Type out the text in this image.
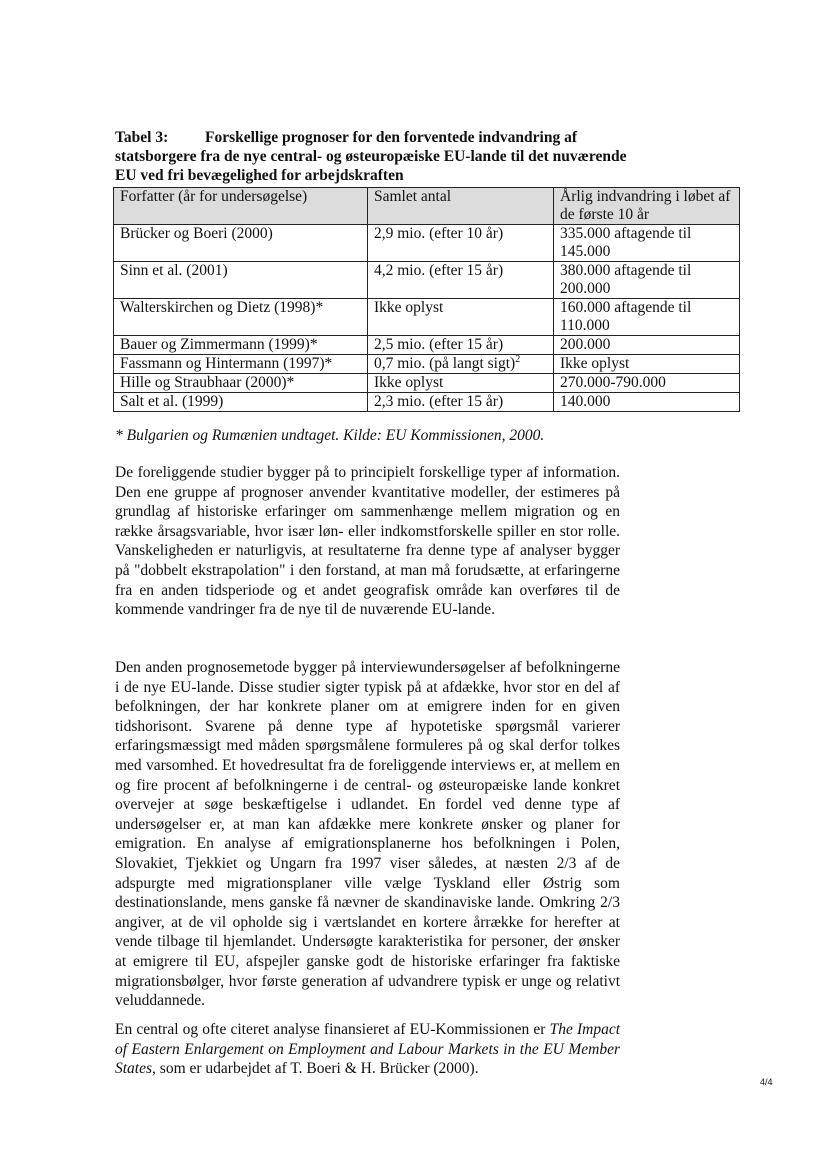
Tabel 3: Forskellige prognoser for den forventede indvandring af statsborgere fra de nye central- og østeuropæiske EU-lande til det nuværende EU ved fri bevægelighed for arbejdskraften
Forfatter (år for undersøgelse)	Samlet antal	Årlig indvandring i løbet af de første 10 år
Brücker og Boeri (2000)	2,9 mio. (efter 10 år)	335.000 aftagende til 145.000
Sinn et al. (2001)	4,2 mio. (efter 15 år)	380.000 aftagende til 200.000
Walterskirchen og Dietz (1998)*	Ikke oplyst	160.000 aftagende til 110.000
Bauer og Zimmermann (1999)*	2,5 mio. (efter 15 år)	200.000
Fassmann og Hintermann (1997)*	0,7 mio. (på langt sigt)$^2$	Ikke oplyst
Hille og Straubhaar (2000)*	Ikke oplyst	270.000-790.000
Salt et al. (1999)	2,3 mio. (efter 15 år)	140.000
* Bulgarien og Rumænien undtaget. Kilde: EU Kommissionen, 2000.

De foreliggende studier bygger på to principielt forskellige typer af information. Den ene gruppe af prognoser anvender kvantitative modeller, der estimeres på grundlag af historiske erfaringer om sammenhænge mellem migration og en række årsagsvariable, hvor især løn- eller indkomstforskelle spiller en stor rolle. Vanskeligheden er naturligvis, at resultaterne fra denne type af analyser bygger på "dobbelt ekstrapolation" i den forstand, at man må forudsætte, at erfaringerne fra en anden tidsperiode og et andet geografisk område kan overføres til de kommende vandringer fra de nye til de nuværende EU-lande.

Den anden prognosemetode bygger på interviewundersøgelser af befolkningerne i de nye EU-lande. Disse studier sigter typisk på at afdække, hvor stor en del af befolkningen, der har konkrete planer om at emigrere inden for en given tidshorisont. Svarene på denne type af hypotetiske spørgsmål varierer erfaringsmæssigt med måden spørgsmålene formuleres på og skal derfor tolkes med varsomhed. Et hovedresultat fra de foreliggende interviews er, at mellem en og fire procent af befolkningerne i de central- og østeuropæiske lande konkret overvejer at søge beskæftigelse i udlandet. En fordel ved denne type af undersøgelser er, at man kan afdække mere konkrete ønsker og planer for emigration. En analyse af emigrationsplanerne hos befolkningen i Polen, Slovakiet, Tjekkiet og Ungarn fra 1997 viser således, at næsten 2/3 af de adspurgte med migrationsplaner ville vælge Tyskland eller Østrig som destinationslande, mens ganske få nævner de skandinaviske lande. Omkring 2/3 angiver, at de vil opholde sig i værtslandet en kortere årrække for herefter at vende tilbage til hjemlandet. Undersøgte karakteristika for personer, der ønsker at emigrere til EU, afspejler ganske godt de historiske erfaringer fra faktiske migrationsbølger, hvor første generation af udvandrere typisk er unge og relativt veluddannede.

En central og ofte citeret analyse finansieret af EU-Kommissionen er The Impact of Eastern Enlargement on Employment and Labour Markets in the EU Member States, som er udarbejdet af T. Boeri & H. Brücker (2000).

4/4
